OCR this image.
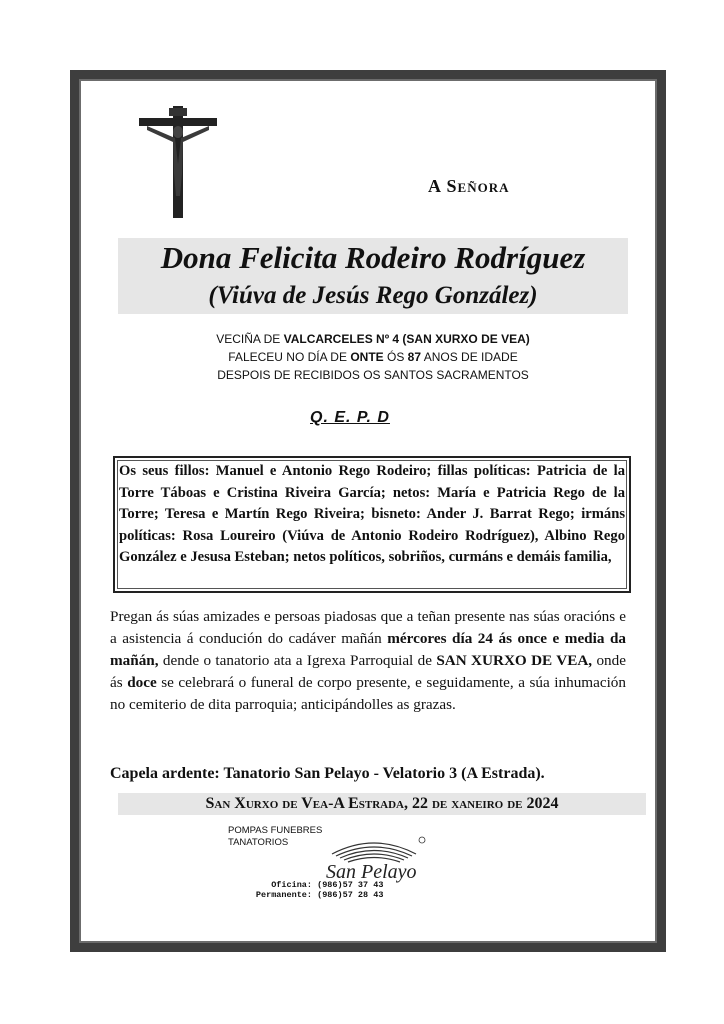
A Señora
Dona Felicita Rodeiro Rodríguez
(Viúva de Jesús Rego González)
VECIÑA DE VALCARCELES Nº 4 (SAN XURXO DE VEA)
FALECEU NO DÍA DE ONTE ÓS 87 ANOS DE IDADE
DESPOIS DE RECIBIDOS OS SANTOS SACRAMENTOS
Q. E. P. D
Os seus fillos: Manuel e Antonio Rego Rodeiro; fillas políticas: Patricia de la Torre Táboas e Cristina Riveira García; netos: María e Patricia Rego de la Torre; Teresa e Martín Rego Riveira; bisneto: Ander J. Barrat Rego; irmáns políticas: Rosa Loureiro (Viúva de Antonio Rodeiro Rodríguez), Albino Rego González e Jesusa Esteban; netos políticos, sobriños, curmáns e demáis familia,
Pregan ás súas amizades e persoas piadosas que a teñan presente nas súas oracións e a asistencia á condución do cadáver mañán mércores día 24 ás once e media da mañán, dende o tanatorio ata a Igrexa Parroquial de SAN XURXO DE VEA, onde ás doce se celebrará o funeral de corpo presente, e seguidamente, a súa inhumación no cemiterio de dita parroquia; anticipándolles as grazas.
Capela ardente: Tanatorio San Pelayo - Velatorio 3 (A Estrada).
San Xurxo de Vea-A Estrada, 22 de xaneiro de 2024
POMPAS FUNEBRES
TANATORIOS
San Pelayo
Oficina: (986)57 37 43
Permanente: (986)57 28 43
